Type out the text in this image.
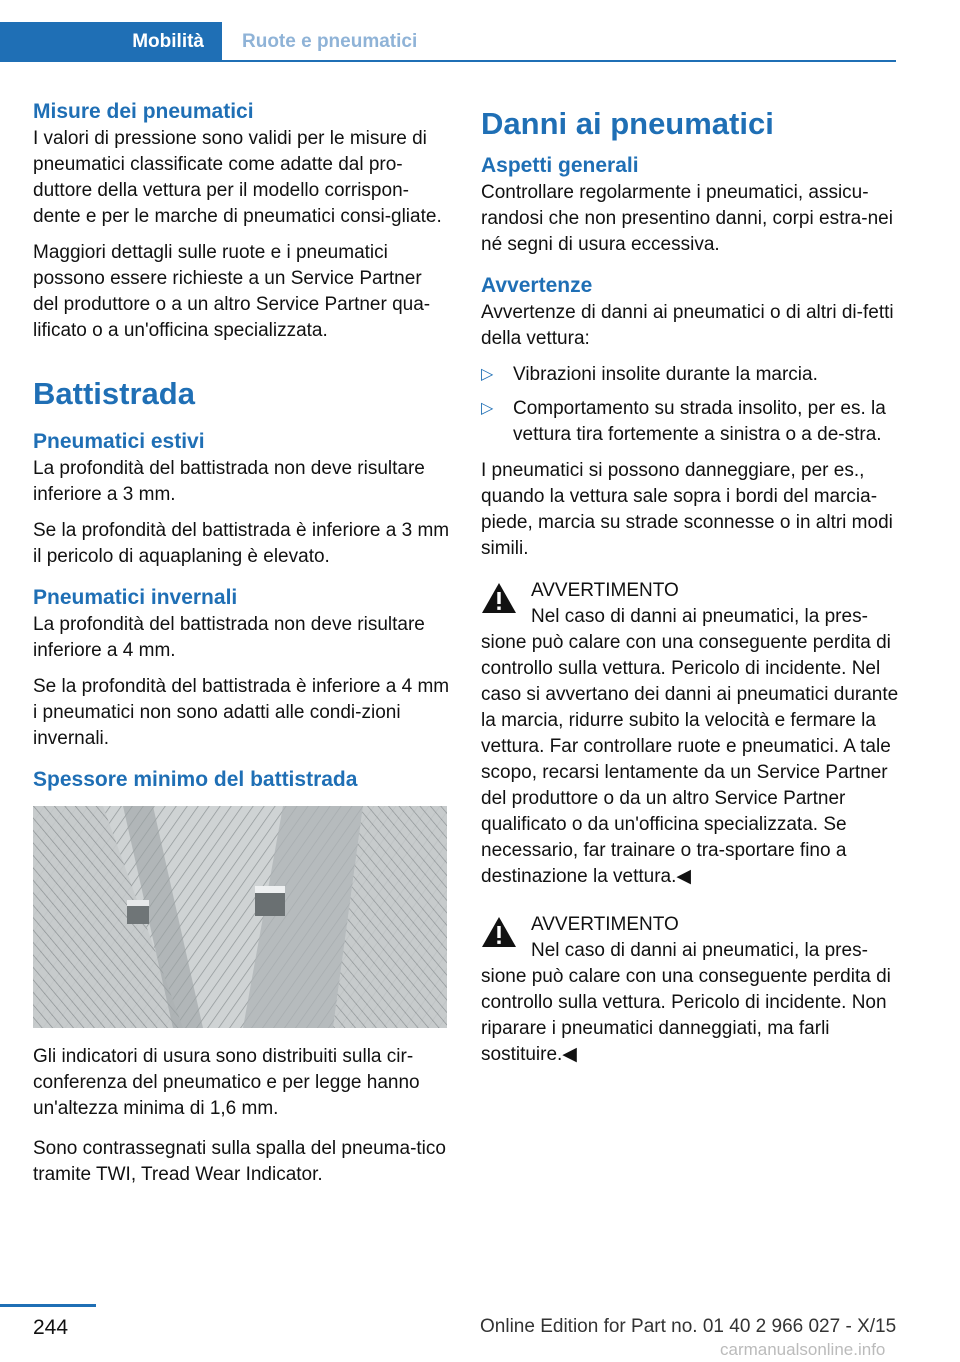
Mobilità	Ruote e pneumatici
Misure dei pneumatici

I valori di pressione sono validi per le misure di pneumatici classificate come adatte dal pro-duttore della vettura per il modello corrispon-dente e per le marche di pneumatici consi-gliate.

Maggiori dettagli sulle ruote e i pneumatici possono essere richieste a un Service Partner del produttore o a un altro Service Partner qua-lificato o a un'officina specializzata.

Battistrada
Pneumatici estivi

La profondità del battistrada non deve risultare inferiore a 3 mm.

Se la profondità del battistrada è inferiore a 3 mm il pericolo di aquaplaning è elevato.

Pneumatici invernali

La profondità del battistrada non deve risultare inferiore a 4 mm.

Se la profondità del battistrada è inferiore a 4 mm i pneumatici non sono adatti alle condi-zioni invernali.

Spessore minimo del battistrada

Gli indicatori di usura sono distribuiti sulla cir-conferenza del pneumatico e per legge hanno un'altezza minima di 1,6 mm.

Sono contrassegnati sulla spalla del pneuma-tico tramite TWI, Tread Wear Indicator.

Danni ai pneumatici
Aspetti generali

Controllare regolarmente i pneumatici, assicu-randosi che non presentino danni, corpi estra-nei né segni di usura eccessiva.

Avvertenze

Avvertenze di danni ai pneumatici o di altri di-fetti della vettura:

▷ Vibrazioni insolite durante la marcia.
▷ Comportamento su strada insolito, per es. la vettura tira fortemente a sinistra o a de-stra.

I pneumatici si possono danneggiare, per es., quando la vettura sale sopra i bordi del marcia-piede, marcia su strade sconnesse o in altri modi simili.

AVVERTIMENTO
Nel caso di danni ai pneumatici, la pres-

sione può calare con una conseguente perdita di controllo sulla vettura. Pericolo di incidente. Nel caso si avvertano dei danni ai pneumatici durante la marcia, ridurre subito la velocità e fermare la vettura. Far controllare ruote e pneumatici. A tale scopo, recarsi lentamente da un Service Partner del produttore o da un altro Service Partner qualificato o da un'officina specializzata. Se necessario, far trainare o tra-sportare fino a destinazione la vettura.◀

AVVERTIMENTO
Nel caso di danni ai pneumatici, la pres-

sione può calare con una conseguente perdita di controllo sulla vettura. Pericolo di incidente. Non riparare i pneumatici danneggiati, ma farli sostituire.◀

244	Online Edition for Part no. 01 40 2 966 027 - X/15
carmanualsonline.info
